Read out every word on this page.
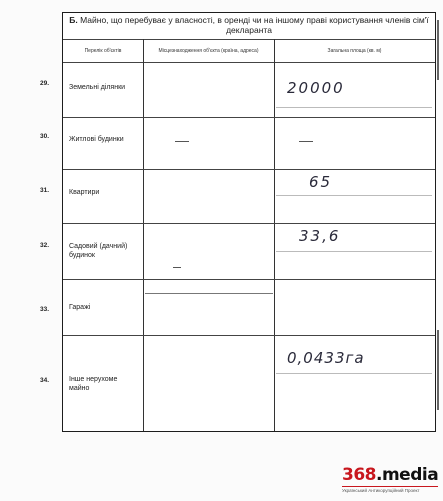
Б. Майно, що перебуває у власності, в оренді чи на іншому праві користування членів сім'ї декларанта
Перелік об'єктів	Місцезнаходження об'єкта (країна, адреса)	Загальна площа (кв. м)
Земельні ділянки
Житлові будинки
Квартири
Садовий (дачний) будинок
Гаражі
Інше нерухоме майно
20000
65
33,6
0,0433га
29.
30.
31.
32.
33.
34.
368.media
Український Антикорупційний Проект
